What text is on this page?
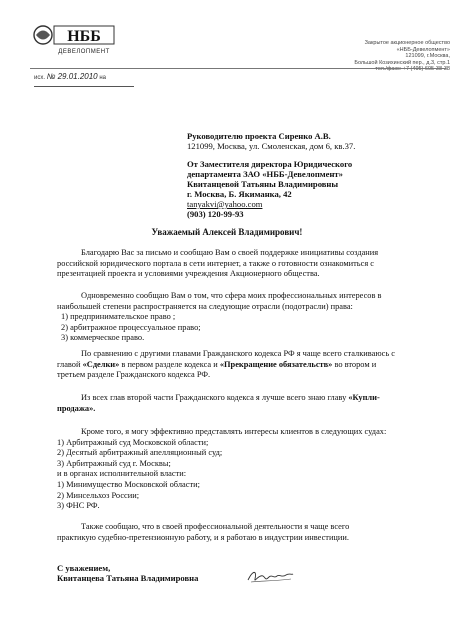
НББ
ДЕВЕЛОПМЕНТ
Закрытое акционерное общество
«НББ-Девелопмент»
121099, г.Москва,
Большой Козихинский пер., д.3, стр.1
тел./факс: +7 (495) 605-38-38
исх. № 29.01.2010 на
Руководителю проекта Сиренко А.В.
121099, Москва, ул. Смоленская, дом 6, кв.37.
От Заместителя директора Юридического
департамента ЗАО «НББ-Девелопмент»
Квитанцевой Татьяны Владимировны
г. Москва, Б. Якиманка, 42
tanyakvi@yahoo.com
(903) 120-99-93
Уважаемый Алексей Владимирович!
Благодарю Вас за письмо и сообщаю Вам о своей поддержке инициативы создания
российской юридического портала в сети интернет, а также о готовности ознакомиться с
презентацией проекта и условиями учреждения Акционерного общества.
Одновременно сообщаю Вам о том, что сфера моих профессиональных интересов в
наибольшей степени распространяется на следующие отрасли (подотрасли) права:
1) предпринимательское право ;
2) арбитражное процессуальное право;
3) коммерческое право.
По сравнению с другими главами Гражданского кодекса РФ я чаще всего сталкиваюсь с
главой «Сделки» в первом разделе кодекса и «Прекращение обязательств» во втором и
третьем разделе Гражданского кодекса РФ.
Из всех глав второй части Гражданского кодекса я лучше всего знаю главу «Купли-
продажа».
Кроме того, я могу эффективно представлять интересы клиентов в следующих судах:
1) Арбитражный суд Московской области;
2) Десятый арбитражный апелляционный суд;
3) Арбитражный суд г. Москвы;
и в органах исполнительной власти:
1) Минимущество Московской области;
2) Минсельхоз России;
3) ФНС РФ.
Также сообщаю, что в своей профессиональной деятельности я чаще всего
практикую судебно-претензионную работу, и я работаю в индустрии инвестиции.
С уважением,
Квитанцева Татьяна Владимировна
